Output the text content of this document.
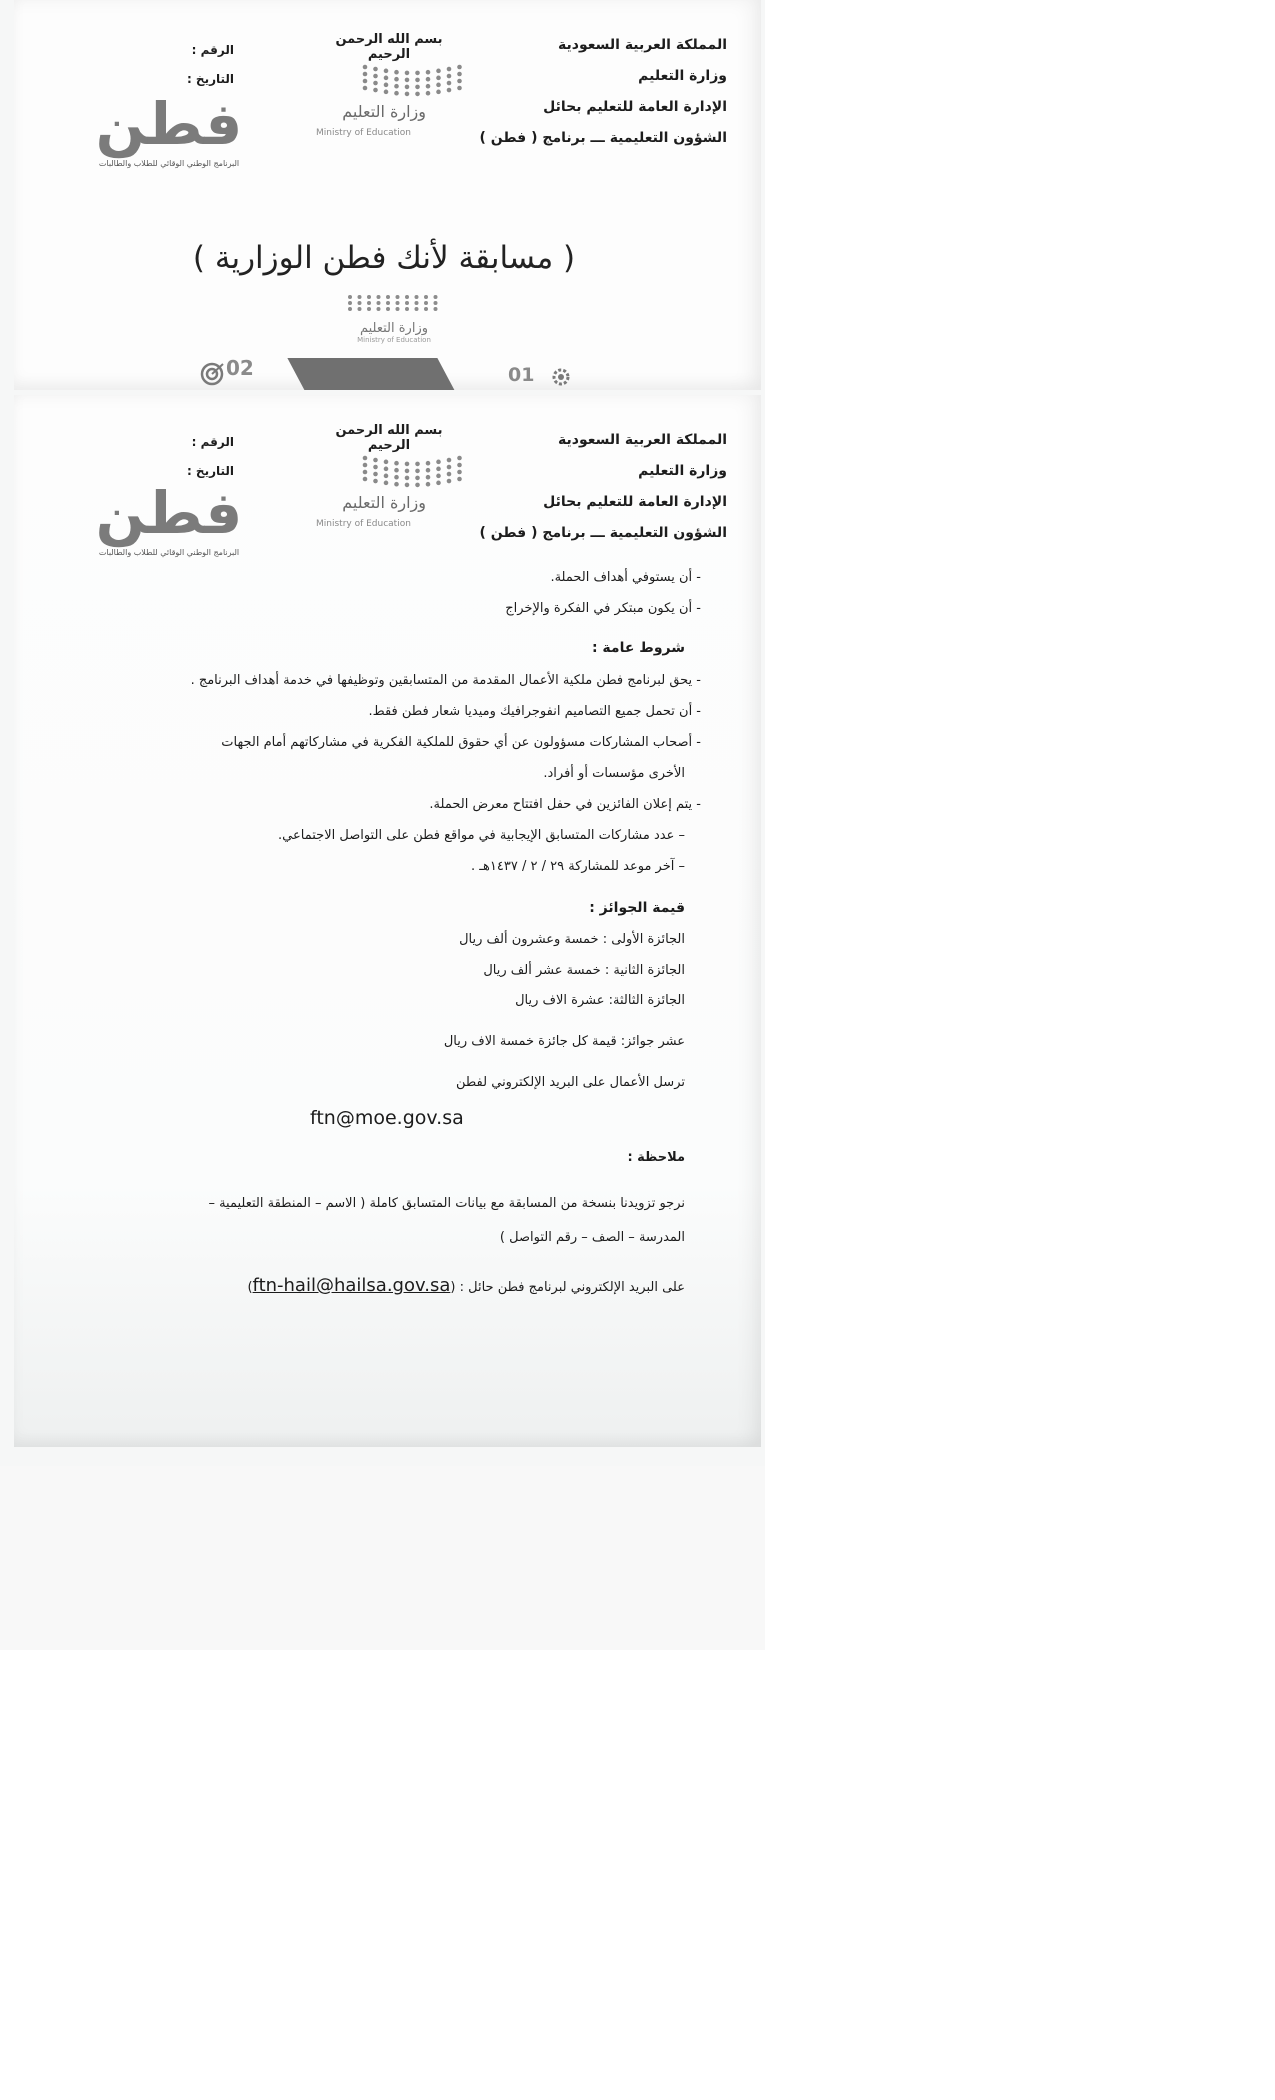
المملكة العربية السعودية
وزارة التعليم
الإدارة العامة للتعليم بحائل
الشؤون التعليمية ـــ برنامج ( فطن )
بسم الله الرحمن الرحيم
وزارة التعليم
Ministry of Education
الرقم :
التاريخ :
فطن
البرنامج الوطني الوقائي للطلاب والطالبات
( مسابقة لأنك فطن الوزارية )
وزارة التعليم
Ministry of Education
02	01
المملكة العربية السعودية
وزارة التعليم
الإدارة العامة للتعليم بحائل
الشؤون التعليمية ـــ برنامج ( فطن )
بسم الله الرحمن الرحيم
وزارة التعليم
Ministry of Education
الرقم :
التاريخ :
فطن
البرنامج الوطني الوقائي للطلاب والطالبات
- أن يستوفي أهداف الحملة.
- أن يكون مبتكر في الفكرة والإخراج
شروط عامة :
- يحق لبرنامج فطن ملكية الأعمال المقدمة من المتسابقين وتوظيفها في خدمة أهداف البرنامج .
- أن تحمل جميع التصاميم انفوجرافيك وميديا شعار فطن فقط.
- أصحاب المشاركات مسؤولون عن أي حقوق للملكية الفكرية في مشاركاتهم أمام الجهات
الأخرى مؤسسات أو أفراد.
- يتم إعلان الفائزين في حفل افتتاح معرض الحملة.
– عدد مشاركات المتسابق الإيجابية في مواقع فطن على التواصل الاجتماعي.
– آخر موعد للمشاركة ٢٩ / ٢ / ١٤٣٧هـ .
قيمة الجوائز :
الجائزة الأولى : خمسة وعشرون ألف ريال
الجائزة الثانية : خمسة عشر ألف ريال
الجائزة الثالثة: عشرة الاف ريال
عشر جوائز: قيمة كل جائزة خمسة الاف ريال
ترسل الأعمال على البريد الإلكتروني لفطن
ملاحظة :
نرجو تزويدنا بنسخة من المسابقة مع بيانات المتسابق كاملة ( الاسم – المنطقة التعليمية –
المدرسة – الصف – رقم التواصل )
على البريد الإلكتروني لبرنامج فطن حائل : (ftn-hail@hailsa.gov.sa)
ftn@moe.gov.sa
